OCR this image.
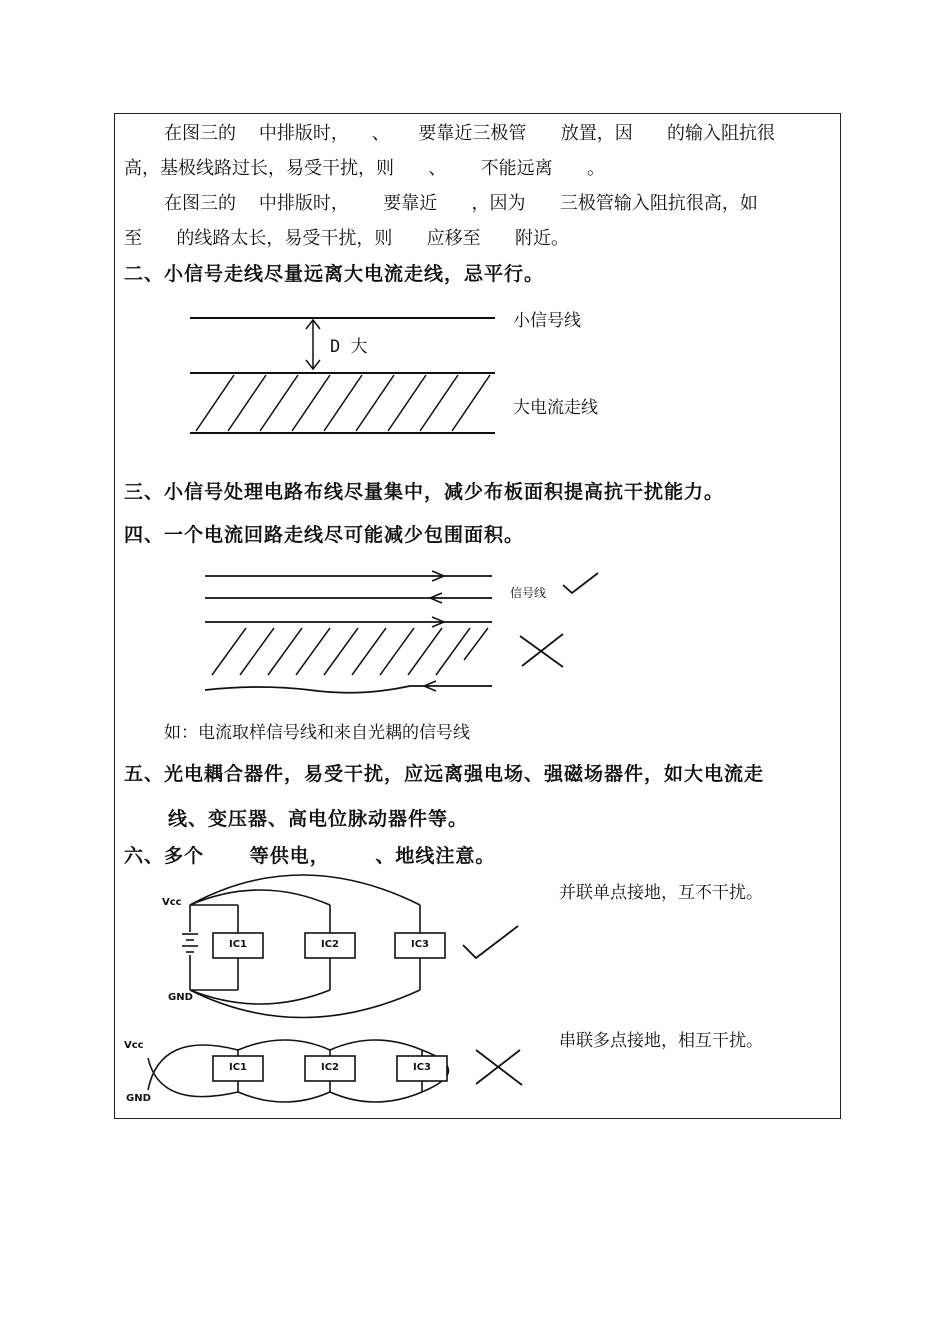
在图三的    中排版时，    、     要靠近三极管      放置，因      的输入阻抗很
高，基极线路过长，易受干扰，则      、      不能远离      。
在图三的    中排版时，      要靠近      ，因为      三极管输入阻抗很高，如
至      的线路太长，易受干扰，则      应移至      附近。
二、小信号走线尽量远离大电流走线，忌平行。
小信号线
D 大
大电流走线
三、小信号处理电路布线尽量集中，减少布板面积提高抗干扰能力。
四、一个电流回路走线尽可能减少包围面积。
信号线
如：电流取样信号线和来自光耦的信号线
五、光电耦合器件，易受干扰，应远离强电场、强磁场器件，如大电流走
线、变压器、高电位脉动器件等。
六、多个      等供电，      、地线注意。
Vcc
GND
IC1	IC2	IC3
并联单点接地，互不干扰。
Vcc
GND
IC1	IC2	IC3
串联多点接地，相互干扰。
